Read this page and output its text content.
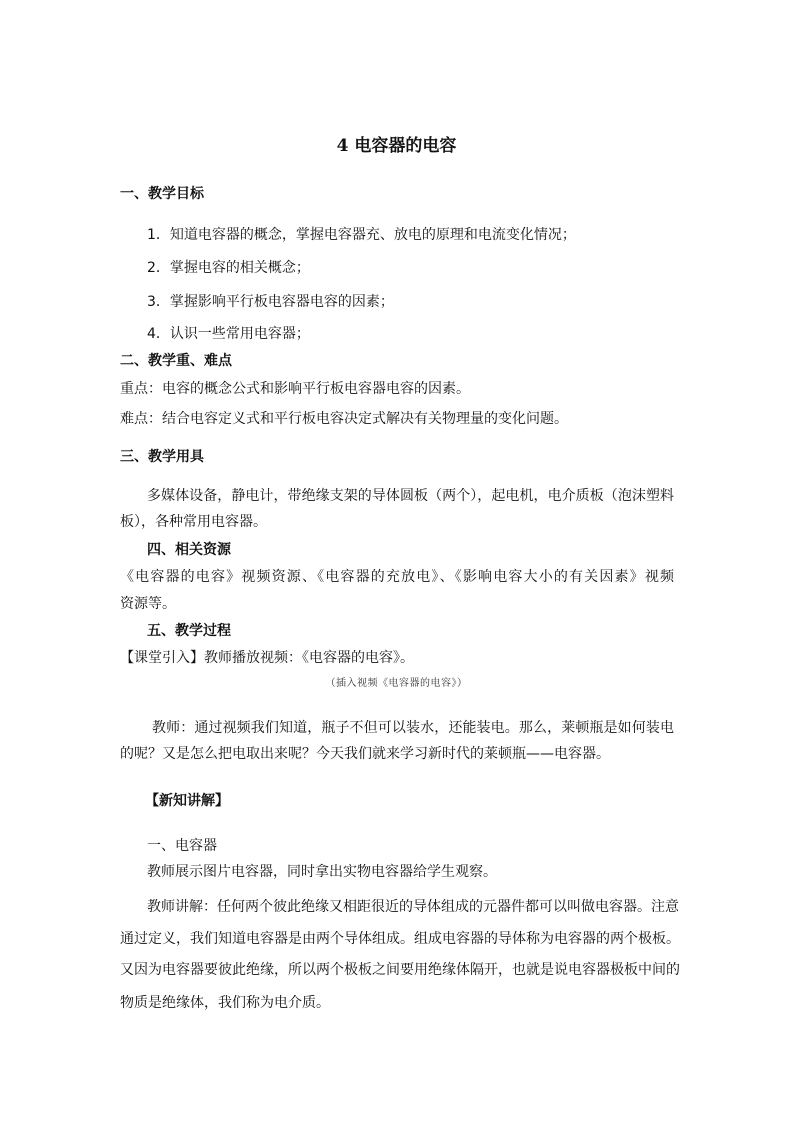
4 电容器的电容
一、教学目标
1．知道电容器的概念，掌握电容器充、放电的原理和电流变化情况；
2．掌握电容的相关概念；
3．掌握影响平行板电容器电容的因素；
4．认识一些常用电容器；
二、教学重、难点
重点：电容的概念公式和影响平行板电容器电容的因素。
难点：结合电容定义式和平行板电容决定式解决有关物理量的变化问题。
三、教学用具
多媒体设备，静电计，带绝缘支架的导体圆板（两个），起电机，电介质板（泡沫塑料
板），各种常用电容器。
四、相关资源
《电容器的电容》视频资源、《电容器的充放电》、《影响电容大小的有关因素》视频
资源等。
五、教学过程
【课堂引入】教师播放视频：《电容器的电容》。
（插入视频《电容器的电容》）
教师：通过视频我们知道，瓶子不但可以装水，还能装电。那么，莱顿瓶是如何装电
的呢？又是怎么把电取出来呢？今天我们就来学习新时代的莱顿瓶——电容器。
【新知讲解】
一、电容器
教师展示图片电容器，同时拿出实物电容器给学生观察。
教师讲解：任何两个彼此绝缘又相距很近的导体组成的元器件都可以叫做电容器。注意
通过定义，我们知道电容器是由两个导体组成。组成电容器的导体称为电容器的两个极板。
又因为电容器要彼此绝缘，所以两个极板之间要用绝缘体隔开，也就是说电容器极板中间的
物质是绝缘体，我们称为电介质。
